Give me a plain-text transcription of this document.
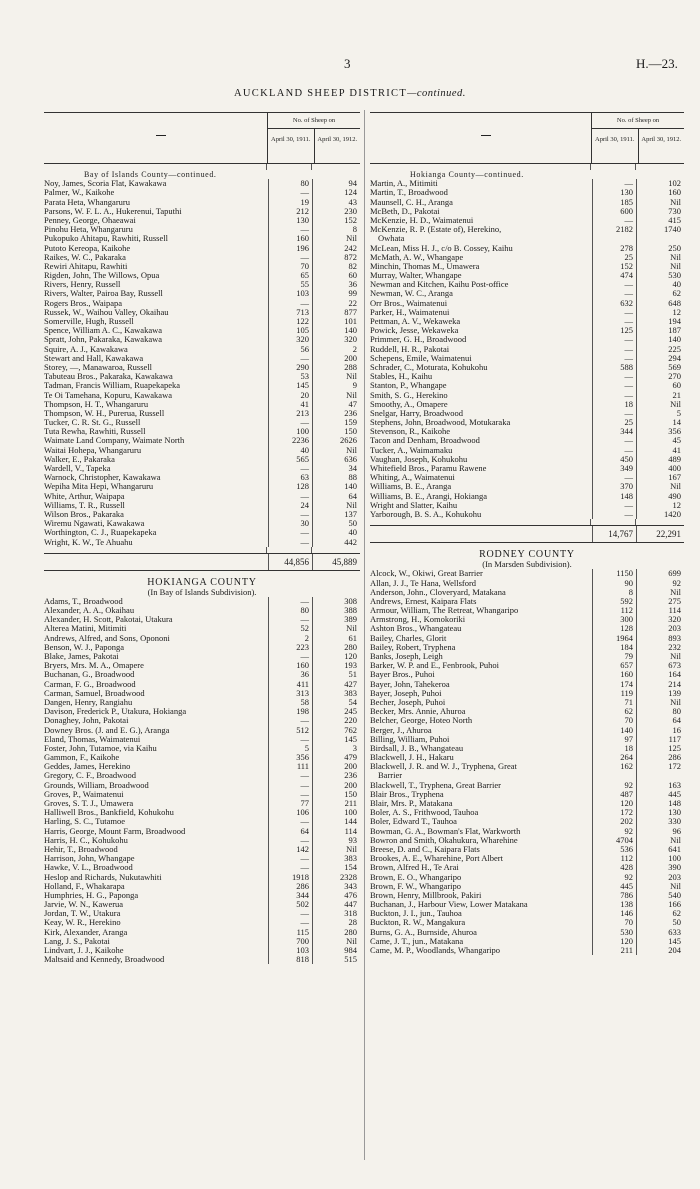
3	H.—23.
AUCKLAND SHEEP DISTRICT—continued.
No. of Sheep on
April 30, 1911.	April 30, 1912.
Bay of Islands County—continued.
Noy, James, Scoria Flat, Kawakawa	80	94
Palmer, W., Kaikohe	—	124
Parata Heta, Whangaruru	19	43
Parsons, W. F. L. A., Hukerenui, Taputhi	212	230
Penney, George, Ohaeawai	130	152
Pinohu Heta, Whangaruru	—	8
Pukopuko Ahitapu, Rawhiti, Russell	160	Nil
Putoto Kereopa, Kaikohe	196	242
Raikes, W. C., Pakaraka	—	872
Rewiri Ahitapu, Rawhiti	70	82
Rigden, John, The Willows, Opua	65	60
Rivers, Henry, Russell	55	36
Rivers, Walter, Pairoa Bay, Russell	103	99
Rogers Bros., Waipapa	—	22
Russek, W., Waihou Valley, Okaihau	713	877
Somerville, Hugh, Russell	122	101
Spence, William A. C., Kawakawa	105	140
Spratt, John, Pakaraka, Kawakawa	320	320
Squire, A. J., Kawakawa	56	2
Stewart and Hall, Kawakawa	—	200
Storey, —, Manawaroa, Russell	290	288
Tabuteau Bros., Pakaraka, Kawakawa	53	Nil
Tadman, Francis William, Ruapekapeka	145	9
Te Oi Tamehana, Kopuru, Kawakawa	20	Nil
Thompson, H. T., Whangaruru	41	47
Thompson, W. H., Purerua, Russell	213	236
Tucker, C. R. St. G., Russell	—	159
Tuta Rewha, Rawhiti, Russell	100	150
Waimate Land Company, Waimate North	2236	2626
Waitai Hohepa, Whangaruru	40	Nil
Walker, E., Pakaraka	565	636
Wardell, V., Tapeka	—	34
Warnock, Christopher, Kawakawa	63	88
Wepiha Mita Hepi, Whangaruru	128	140
White, Arthur, Waipapa	—	64
Williams, T. R., Russell	24	Nil
Wilson Bros., Pakaraka	—	137
Wiremu Ngawati, Kawakawa	30	50
Worthington, C. J., Ruapekapeka	—	40
Wright, K. W., Te Ahuahu	—	442
44,856	45,889
HOKIANGA COUNTY
(In Bay of Islands Subdivision).
Adams, T., Broadwood	—	308
Alexander, A. A., Okaihau	80	388
Alexander, H. Scott, Pakotai, Utakura	—	389
Alterea Matini, Mitimiti	52	Nil
Andrews, Alfred, and Sons, Opononi	2	61
Benson, W. J., Paponga	223	280
Blake, James, Pakotai	—	120
Bryers, Mrs. M. A., Omapere	160	193
Buchanan, G., Broadwood	36	51
Carman, F. G., Broadwood	411	427
Carman, Samuel, Broadwood	313	383
Dangen, Henry, Rangiahu	58	54
Davison, Frederick P., Utakura, Hokianga	198	245
Donaghey, John, Pakotai	—	220
Downey Bros. (J. and E. G.), Aranga	512	762
Eland, Thomas, Waimatenui	—	145
Foster, John, Tutamoe, via Kaihu	5	3
Gammon, F., Kaikohe	356	479
Geddes, James, Herekino	111	200
Gregory, C. F., Broadwood	—	236
Grounds, William, Broadwood	—	200
Groves, P., Waimatenui	—	150
Groves, S. T. J., Umawera	77	211
Halliwell Bros., Bankfield, Kohukohu	106	100
Harling, S. C., Tutamoe	—	144
Harris, George, Mount Farm, Broadwood	64	114
Harris, H. C., Kohukohu	—	93
Hehir, T., Broadwood	142	Nil
Harrison, John, Whangape	—	383
Hawke, V. L., Broadwood	—	154
Heslop and Richards, Nukutawhiti	1918	2328
Holland, F., Whakarapa	286	343
Humphries, H. G., Paponga	344	476
Jarvie, W. N., Kawerua	502	447
Jordan, T. W., Utakura	—	318
Keay, W. R., Herekino	—	28
Kirk, Alexander, Aranga	115	280
Lang, J. S., Pakotai	700	Nil
Lindvart, J. J., Kaikohe	103	984
Maltsaid and Kennedy, Broadwood	818	515
No. of Sheep on
April 30, 1911.	April 30, 1912.
Hokianga County—continued.
Martin, A., Mitimiti	—	102
Martin, T., Broadwood	130	160
Maunsell, C. H., Aranga	185	Nil
McBeth, D., Pakotai	600	730
McKenzie, H. D., Waimatenui	—	415
McKenzie, R. P. (Estate of), Herekino,	2182	1740
Owhata
McLean, Miss H. J., c/o B. Cossey, Kaihu	278	250
McMath, A. W., Whangape	25	Nil
Minchin, Thomas M., Umawera	152	Nil
Murray, Walter, Whangape	474	530
Newman and Kitchen, Kaihu Post-office	—	40
Newman, W. C., Aranga	—	62
Orr Bros., Waimatenui	632	648
Parker, H., Waimatenui	—	12
Pettman, A. V., Wekaweka	—	194
Powick, Jesse, Wekaweka	125	187
Primmer, G. H., Broadwood	—	140
Ruddell, H. R., Pakotai	—	225
Schepens, Emile, Waimatenui	—	294
Schrader, C., Moturata, Kohukohu	588	569
Stables, H., Kaihu	—	270
Stanton, P., Whangape	—	60
Smith, S. G., Herekino	—	21
Smoothy, A., Omapere	18	Nil
Snelgar, Harry, Broadwood	—	5
Stephens, John, Broadwood, Motukaraka	25	14
Stevenson, R., Kaikohe	344	356
Tacon and Denham, Broadwood	—	45
Tucker, A., Waimamaku	—	41
Vaughan, Joseph, Kohukohu	450	489
Whitefield Bros., Paramu Rawene	349	400
Whiting, A., Waimatenui	—	167
Williams, B. E., Aranga	370	Nil
Williams, B. E., Arangi, Hokianga	148	490
Wright and Slatter, Kaihu	—	12
Yarborough, B. S. A., Kohukohu	—	1420
14,767	22,291
RODNEY COUNTY
(In Marsden Subdivision).
Alcock, W., Okiwi, Great Barrier	1150	699
Allan, J. J., Te Hana, Wellsford	90	92
Anderson, John., Cloveryard, Matakana	8	Nil
Andrews, Ernest, Kaipara Flats	592	275
Armour, William, The Retreat, Whangaripo	112	114
Armstrong, H., Komokoriki	300	320
Ashton Bros., Whangateau	128	203
Bailey, Charles, Glorit	1964	893
Bailey, Robert, Tryphena	184	232
Banks, Joseph, Leigh	79	Nil
Barker, W. P. and E., Fenbrook, Puhoi	657	673
Bayer Bros., Puhoi	160	164
Bayer, John, Tahekeroa	174	214
Bayer, Joseph, Puhoi	119	139
Becher, Joseph, Puhoi	71	Nil
Becker, Mrs. Annie, Ahuroa	62	80
Belcher, George, Hoteo North	70	64
Berger, J., Ahuroa	140	16
Billing, William, Puhoi	97	117
Birdsall, J. B., Whangateau	18	125
Blackwell, J. H., Hakaru	264	286
Blackwell, J. R. and W. J., Tryphena, Great	162	172
Barrier
Blackwell, T., Tryphena, Great Barrier	92	163
Blair Bros., Tryphena	487	445
Blair, Mrs. P., Matakana	120	148
Boler, A. S., Frithwood, Tauhoa	172	130
Boler, Edward T., Tauhoa	202	330
Bowman, G. A., Bowman's Flat, Warkworth	92	96
Bowron and Smith, Okahukura, Wharehine	4704	Nil
Breese, D. and C., Kaipara Flats	536	641
Brookes, A. E., Wharehine, Port Albert	112	100
Brown, Alfred H., Te Arai	428	390
Brown, E. O., Whangaripo	92	203
Brown, F. W., Whangaripo	445	Nil
Brown, Henry, Millbrook, Pakiri	786	540
Buchanan, J., Harbour View, Lower Matakana	138	166
Buckton, J. I., jun., Tauhoa	146	62
Buckton, R. W., Mangakura	70	50
Burns, G. A., Burnside, Ahuroa	530	633
Came, J. T., jun., Matakana	120	145
Came, M. P., Woodlands, Whangaripo	211	204
